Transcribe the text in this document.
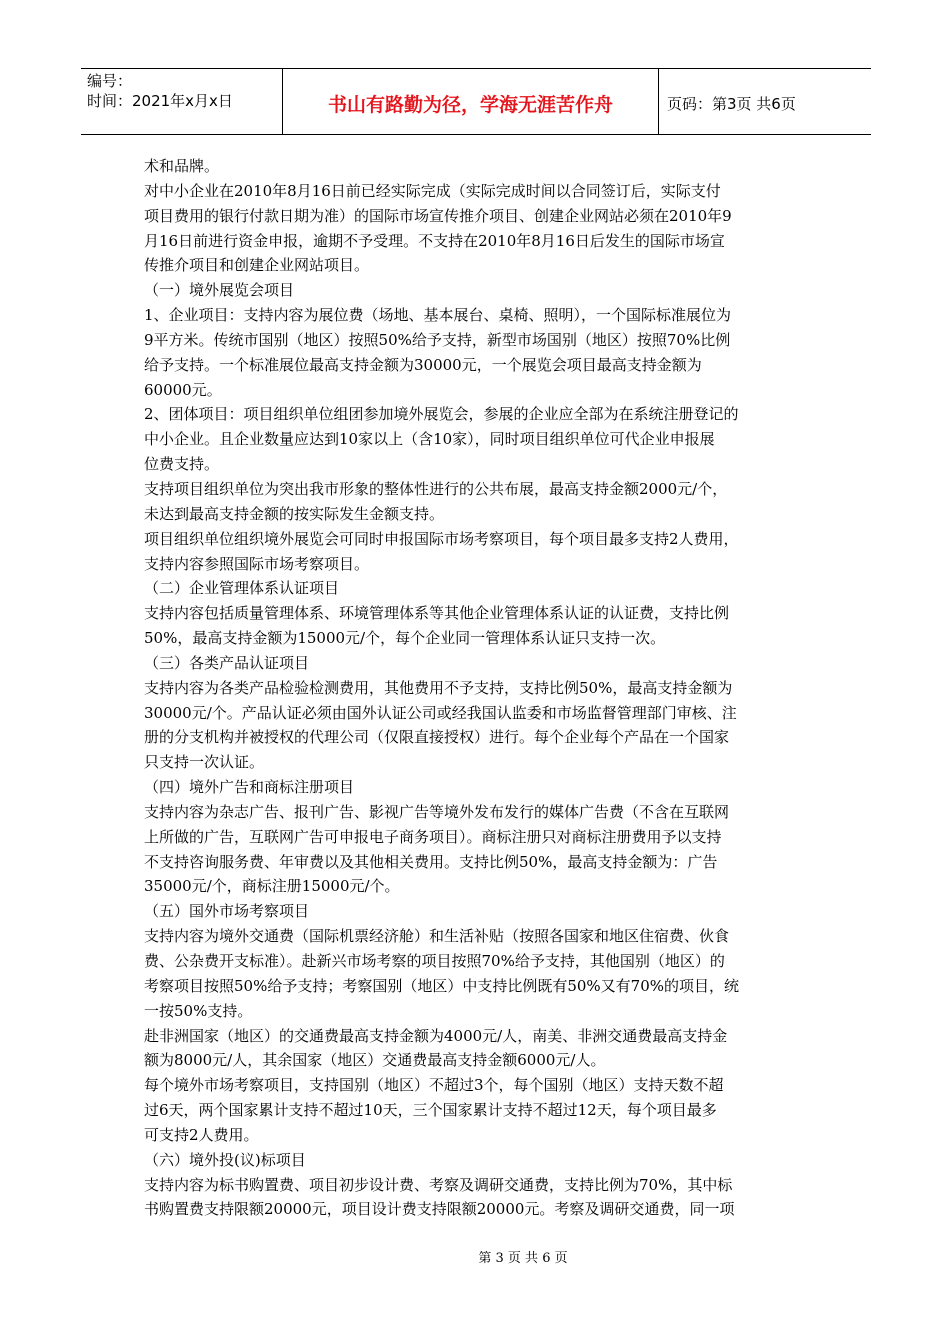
编号：
时间：2021年x月x日	书山有路勤为径，学海无涯苦作舟	页码：第3页 共6页

术和品牌。

对中小企业在2010年8月16日前已经实际完成（实际完成时间以合同签订后，实际支付

项目费用的银行付款日期为准）的国际市场宣传推介项目、创建企业网站必须在2010年9

月16日前进行资金申报，逾期不予受理。不支持在2010年8月16日后发生的国际市场宣

传推介项目和创建企业网站项目。

（一）境外展览会项目

1、企业项目：支持内容为展位费（场地、基本展台、桌椅、照明），一个国际标准展位为

9平方米。传统市国别（地区）按照50%给予支持，新型市场国别（地区）按照70%比例

给予支持。一个标准展位最高支持金额为30000元，一个展览会项目最高支持金额为

60000元。

2、团体项目：项目组织单位组团参加境外展览会，参展的企业应全部为在系统注册登记的

中小企业。且企业数量应达到10家以上（含10家），同时项目组织单位可代企业申报展

位费支持。

支持项目组织单位为突出我市形象的整体性进行的公共布展，最高支持金额2000元/个，

未达到最高支持金额的按实际发生金额支持。

项目组织单位组织境外展览会可同时申报国际市场考察项目，每个项目最多支持2人费用，

支持内容参照国际市场考察项目。

（二）企业管理体系认证项目

支持内容包括质量管理体系、环境管理体系等其他企业管理体系认证的认证费，支持比例

50%，最高支持金额为15000元/个，每个企业同一管理体系认证只支持一次。

（三）各类产品认证项目

支持内容为各类产品检验检测费用，其他费用不予支持，支持比例50%，最高支持金额为

30000元/个。产品认证必须由国外认证公司或经我国认监委和市场监督管理部门审核、注

册的分支机构并被授权的代理公司（仅限直接授权）进行。每个企业每个产品在一个国家

只支持一次认证。

（四）境外广告和商标注册项目

支持内容为杂志广告、报刊广告、影视广告等境外发布发行的媒体广告费（不含在互联网

上所做的广告，互联网广告可申报电子商务项目）。商标注册只对商标注册费用予以支持

不支持咨询服务费、年审费以及其他相关费用。支持比例50%，最高支持金额为：广告

35000元/个，商标注册15000元/个。

（五）国外市场考察项目

支持内容为境外交通费（国际机票经济舱）和生活补贴（按照各国家和地区住宿费、伙食

费、公杂费开支标准）。赴新兴市场考察的项目按照70%给予支持，其他国别（地区）的

考察项目按照50%给予支持；考察国别（地区）中支持比例既有50%又有70%的项目，统

一按50%支持。

赴非洲国家（地区）的交通费最高支持金额为4000元/人，南美、非洲交通费最高支持金

额为8000元/人，其余国家（地区）交通费最高支持金额6000元/人。

每个境外市场考察项目，支持国别（地区）不超过3个，每个国别（地区）支持天数不超

过6天，两个国家累计支持不超过10天，三个国家累计支持不超过12天，每个项目最多

可支持2人费用。

（六）境外投(议)标项目

支持内容为标书购置费、项目初步设计费、考察及调研交通费，支持比例为70%，其中标

书购置费支持限额20000元，项目设计费支持限额20000元。考察及调研交通费，同一项

第 3 页 共 6 页
